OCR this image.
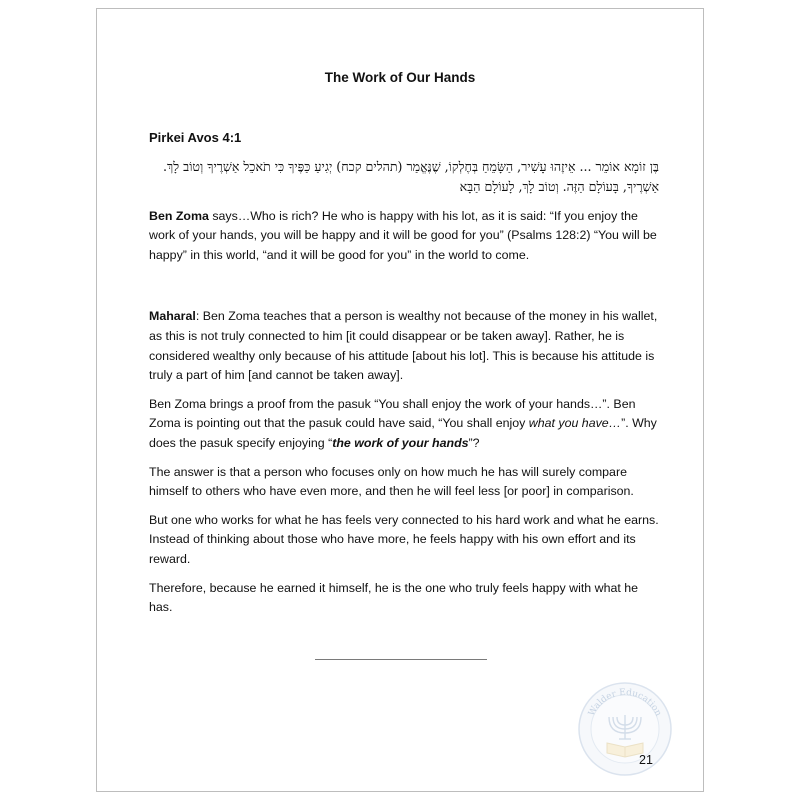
The Work of Our Hands
Pirkei Avos 4:1
בֶּן זוֹמָא אוֹמֵר ... אֵיזֶהוּ עָשִׁיר, הַשָּׂמֵחַ בְּחֶלְקוֹ, שֶׁנֶּאֱמַר (תהלים קכח) יְגִיעַ כַּפֶּיךָ כִּי תֹאכֵל אַשְׁרֶיךָ וְטוֹב לָךְ.
אַשְׁרֶיךָ, בָּעוֹלָם הַזֶּה. וְטוֹב לָךְ, לָעוֹלָם הַבָּא

Ben Zoma says…Who is rich? He who is happy with his lot, as it is said: “If you enjoy the work of your hands, you will be happy and it will be good for you” (Psalms 128:2) “You will be happy” in this world, “and it will be good for you” in the world to come.

Maharal: Ben Zoma teaches that a person is wealthy not because of the money in his wallet, as this is not truly connected to him [it could disappear or be taken away]. Rather, he is considered wealthy only because of his attitude [about his lot]. This is because his attitude is truly a part of him [and cannot be taken away].

Ben Zoma brings a proof from the pasuk “You shall enjoy the work of your hands…”. Ben Zoma is pointing out that the pasuk could have said, “You shall enjoy what you have…”. Why does the pasuk specify enjoying “the work of your hands”?

The answer is that a person who focuses only on how much he has will surely compare himself to others who have even more, and then he will feel less [or poor] in comparison.

But one who works for what he has feels very connected to his hard work and what he earns. Instead of thinking about those who have more, he feels happy with his own effort and its reward.

Therefore, because he earned it himself, he is the one who truly feels happy with what he has.

Walder Education
21
